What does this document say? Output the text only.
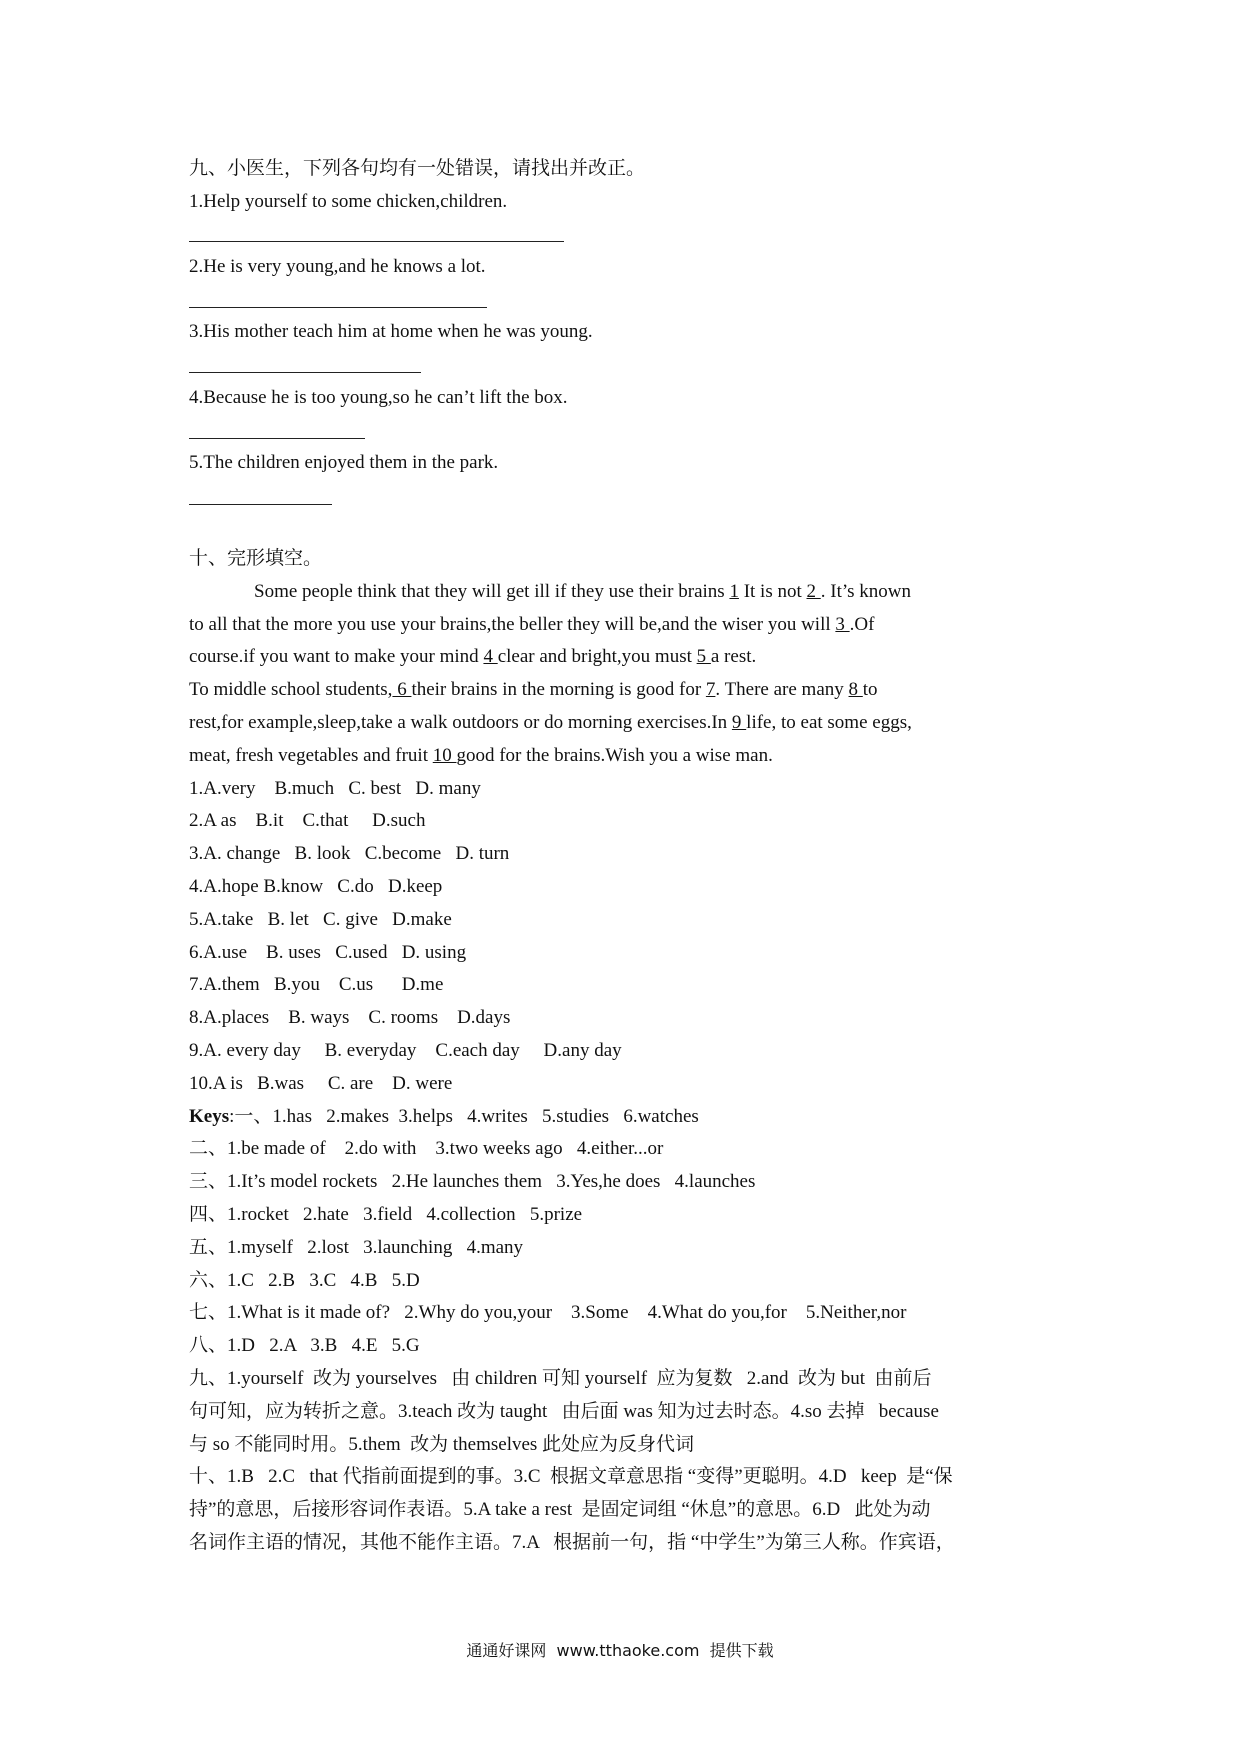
九、小医生，下列各句均有一处错误，请找出并改正。
1.Help yourself to some chicken,children.
2.He is very young,and he knows a lot.
3.His mother teach him at home when he was young.
4.Because he is too young,so he can’t lift the box.
5.The children enjoyed them in the park.
十、完形填空。
Some people think that they will get ill if they use their brains 1 It is not 2 . It’s known
to all that the more you use your brains,the beller they will be,and the wiser you will 3 .Of
course.if you want to make your mind 4 clear and bright,you must 5 a rest.
To middle school students, 6 their brains in the morning is good for 7. There are many 8 to
rest,for example,sleep,take a walk outdoors or do morning exercises.In 9 life, to eat some eggs,
meat, fresh vegetables and fruit 10 good for the brains.Wish you a wise man.
1.A.very    B.much   C. best   D. many
2.A as    B.it    C.that     D.such
3.A. change   B. look   C.become   D. turn
4.A.hope B.know   C.do   D.keep
5.A.take   B. let   C. give   D.make
6.A.use    B. uses   C.used   D. using
7.A.them   B.you    C.us      D.me
8.A.places    B. ways    C. rooms    D.days
9.A. every day     B. everyday    C.each day     D.any day
10.A is   B.was     C. are    D. were
Keys:一、1.has   2.makes  3.helps   4.writes   5.studies   6.watches
二、1.be made of    2.do with    3.two weeks ago   4.either...or
三、1.It’s model rockets   2.He launches them   3.Yes,he does   4.launches
四、1.rocket   2.hate   3.field   4.collection   5.prize
五、1.myself   2.lost   3.launching   4.many
六、1.C   2.B   3.C   4.B   5.D
七、1.What is it made of?   2.Why do you,your    3.Some    4.What do you,for    5.Neither,nor
八、1.D   2.A   3.B   4.E   5.G
九、1.yourself  改为 yourselves   由 children 可知 yourself  应为复数   2.and  改为 but  由前后
句可知，应为转折之意。3.teach 改为 taught   由后面 was 知为过去时态。4.so 去掉   because
与 so 不能同时用。5.them  改为 themselves 此处应为反身代词
十、1.B   2.C   that 代指前面提到的事。3.C  根据文章意思指 “变得”更聪明。4.D   keep  是“保
持”的意思，后接形容词作表语。5.A take a rest  是固定词组 “休息”的意思。6.D   此处为动
名词作主语的情况，其他不能作主语。7.A   根据前一句，指 “中学生”为第三人称。作宾语，
通通好课网  www.tthaoke.com  提供下载
